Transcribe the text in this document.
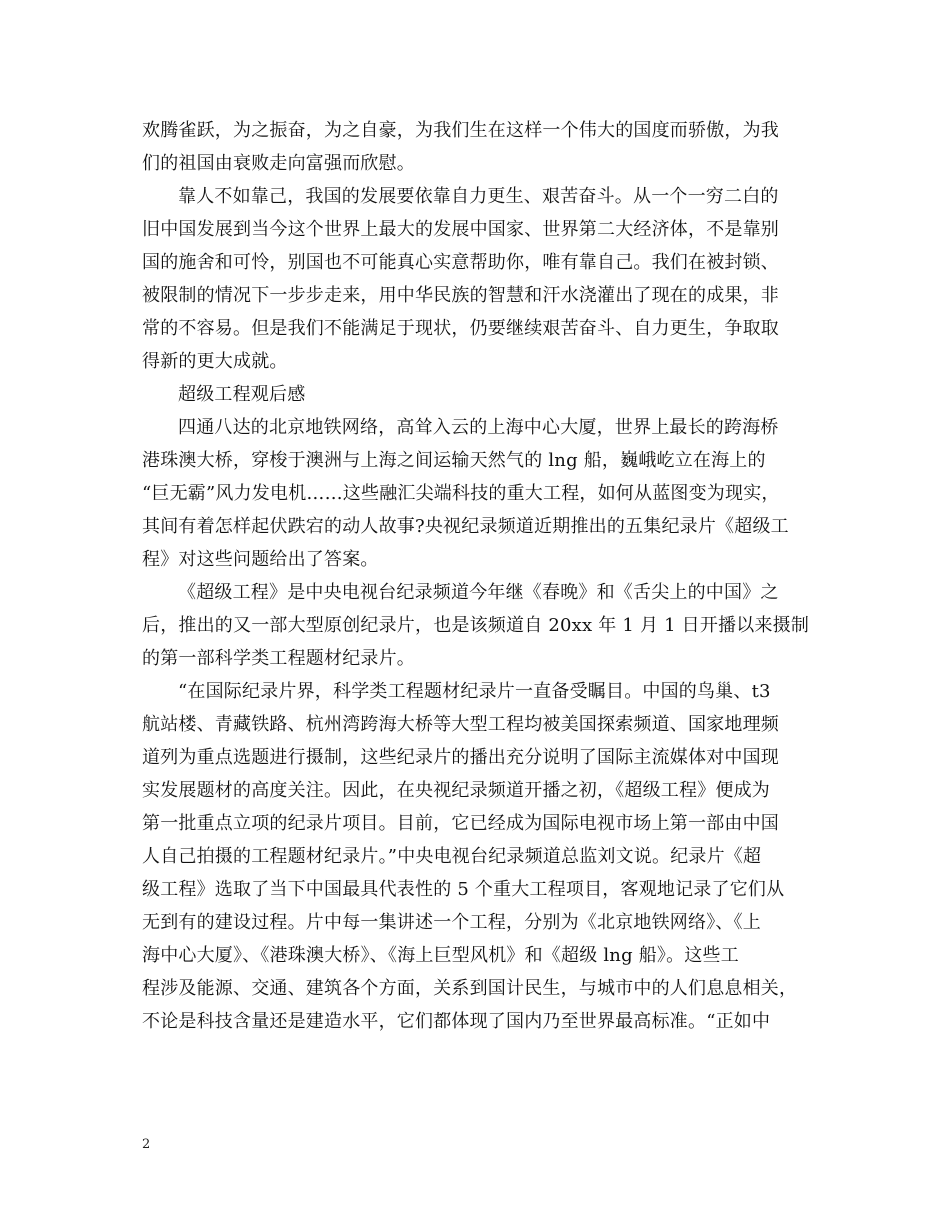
欢腾雀跃，为之振奋，为之自豪，为我们生在这样一个伟大的国度而骄傲，为我
们的祖国由衰败走向富强而欣慰。
靠人不如靠己，我国的发展要依靠自力更生、艰苦奋斗。从一个一穷二白的
旧中国发展到当今这个世界上最大的发展中国家、世界第二大经济体，不是靠别
国的施舍和可怜，别国也不可能真心实意帮助你，唯有靠自己。我们在被封锁、
被限制的情况下一步步走来，用中华民族的智慧和汗水浇灌出了现在的成果，非
常的不容易。但是我们不能满足于现状，仍要继续艰苦奋斗、自力更生，争取取
得新的更大成就。
超级工程观后感
四通八达的北京地铁网络，高耸入云的上海中心大厦，世界上最长的跨海桥
港珠澳大桥，穿梭于澳洲与上海之间运输天然气的 lng 船，巍峨屹立在海上的
“巨无霸”风力发电机……这些融汇尖端科技的重大工程，如何从蓝图变为现实，
其间有着怎样起伏跌宕的动人故事?央视纪录频道近期推出的五集纪录片《超级工
程》对这些问题给出了答案。
《超级工程》是中央电视台纪录频道今年继《春晚》和《舌尖上的中国》之
后，推出的又一部大型原创纪录片，也是该频道自 20xx 年 1 月 1 日开播以来摄制
的第一部科学类工程题材纪录片。
“在国际纪录片界，科学类工程题材纪录片一直备受瞩目。中国的鸟巢、t3
航站楼、青藏铁路、杭州湾跨海大桥等大型工程均被美国探索频道、国家地理频
道列为重点选题进行摄制，这些纪录片的播出充分说明了国际主流媒体对中国现
实发展题材的高度关注。因此，在央视纪录频道开播之初，《超级工程》便成为
第一批重点立项的纪录片项目。目前，它已经成为国际电视市场上第一部由中国
人自己拍摄的工程题材纪录片。”中央电视台纪录频道总监刘文说。纪录片《超
级工程》选取了当下中国最具代表性的 5 个重大工程项目，客观地记录了它们从
无到有的建设过程。片中每一集讲述一个工程，分别为《北京地铁网络》、《上
海中心大厦》、《港珠澳大桥》、《海上巨型风机》和《超级 lng 船》。这些工
程涉及能源、交通、建筑各个方面，关系到国计民生，与城市中的人们息息相关，
不论是科技含量还是建造水平，它们都体现了国内乃至世界最高标准。“正如中
2
